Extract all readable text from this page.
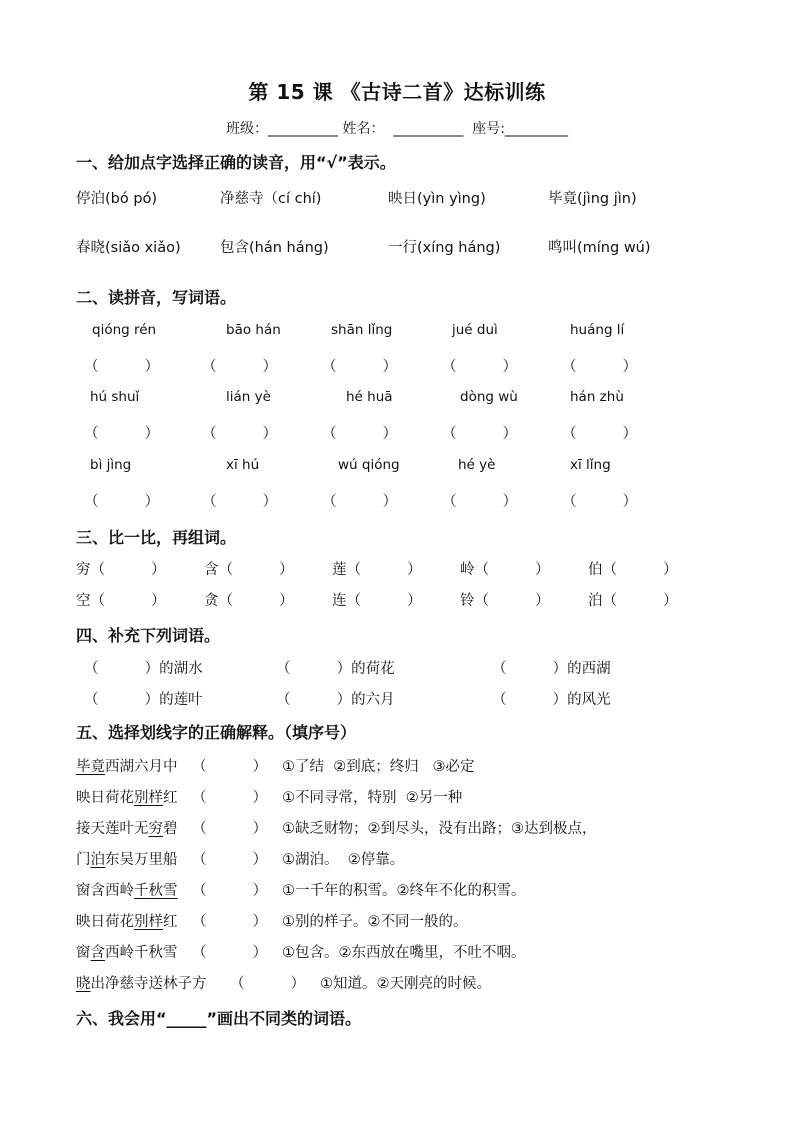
第 15 课 《古诗二首》达标训练
班级：__________ 姓名：  __________  座号:_________
一、给加点字选择正确的读音，用“√”表示。
停泊(bó pó)	净慈寺（cí chí)	映日(yìn yìng)	毕竟(jìng jìn)
春晓(siǎo xiǎo)	包含(hán háng)	一行(xíng háng)	鸣叫(míng wú)
二、读拼音，写词语。
qióng rén	bāo hán	shān lǐng	jué duì	huáng lí
（          ）	（          ）	（          ）	（          ）	（          ）
hú shuǐ	lián yè	hé huā	dòng wù	hán zhù
（          ）	（          ）	（          ）	（          ）	（          ）
bì jìng	xī hú	wú qióng	hé yè	xī lǐng
（          ）	（          ）	（          ）	（          ）	（          ）
三、比一比，再组词。
穷（          ）	含（          ）	莲（          ）	岭（          ）	伯（          ）
空（          ）	贪（          ）	连（          ）	铃（          ）	泊（          ）
四、补充下列词语。
（          ）的湖水	（          ）的荷花	（          ）的西湖
（          ）的莲叶	（          ）的六月	（          ）的风光
五、选择划线字的正确解释。（填序号）
毕竟西湖六月中 （          ） ①了结  ②到底；终归   ③必定
映日荷花别样红 （          ） ①不同寻常，特别  ②另一种
接天莲叶无穷碧 （          ） ①缺乏财物；②到尽头，没有出路；③达到极点，
门泊东吴万里船 （          ） ①湖泊。  ②停靠。
窗含西岭千秋雪 （          ） ①一千年的积雪。②终年不化的积雪。
映日荷花别样红 （          ） ①别的样子。②不同一般的。
窗含西岭千秋雪 （          ） ①包含。②东西放在嘴里，不吐不咽。
晓出净慈寺送林子方 （          ） ①知道。②天刚亮的时候。
六、我会用“_____”画出不同类的词语。
